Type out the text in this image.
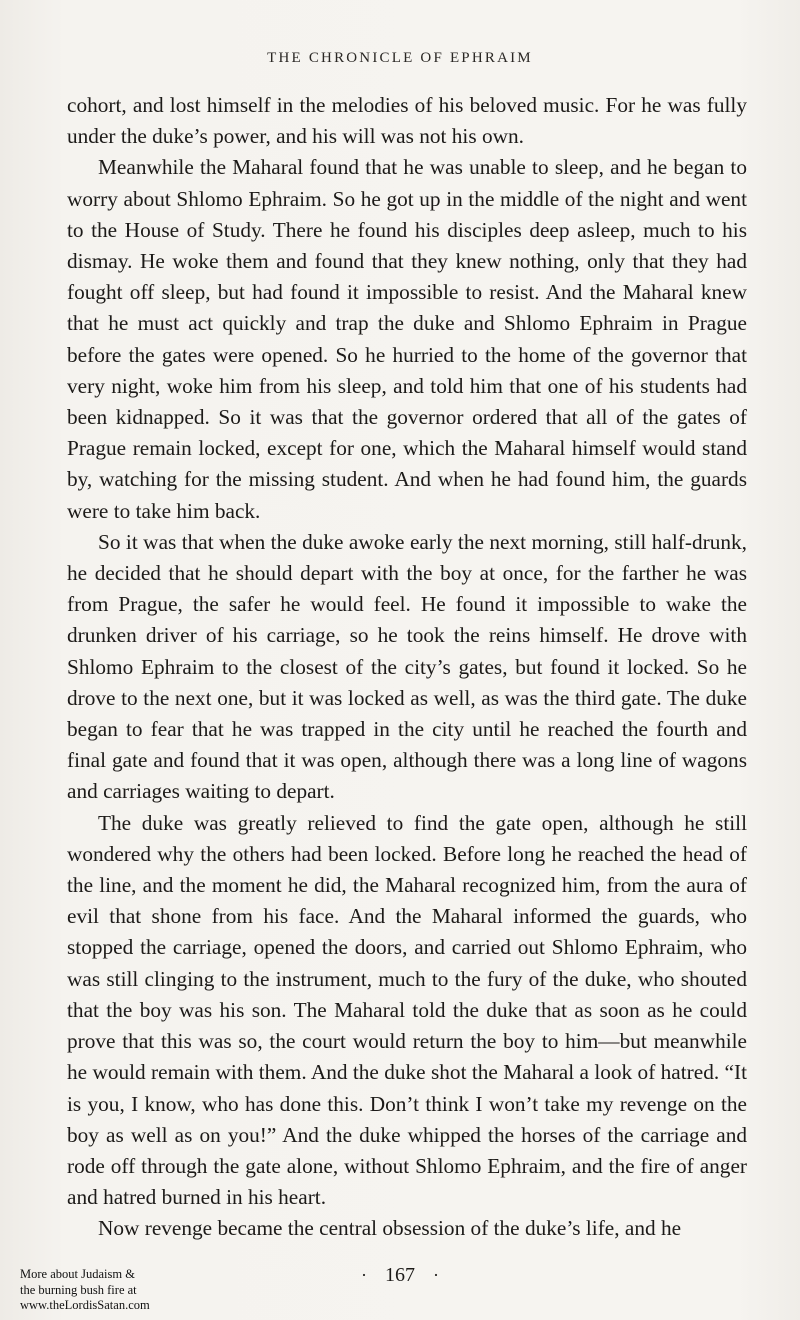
THE CHRONICLE OF EPHRAIM

cohort, and lost himself in the melodies of his beloved music. For he was fully under the duke’s power, and his will was not his own.

Meanwhile the Maharal found that he was unable to sleep, and he began to worry about Shlomo Ephraim. So he got up in the middle of the night and went to the House of Study. There he found his disciples deep asleep, much to his dismay. He woke them and found that they knew nothing, only that they had fought off sleep, but had found it impossible to resist. And the Maharal knew that he must act quickly and trap the duke and Shlomo Ephraim in Prague before the gates were opened. So he hurried to the home of the governor that very night, woke him from his sleep, and told him that one of his students had been kidnapped. So it was that the governor ordered that all of the gates of Prague remain locked, except for one, which the Maharal himself would stand by, watching for the missing student. And when he had found him, the guards were to take him back.

So it was that when the duke awoke early the next morning, still half-drunk, he decided that he should depart with the boy at once, for the farther he was from Prague, the safer he would feel. He found it impossible to wake the drunken driver of his carriage, so he took the reins himself. He drove with Shlomo Ephraim to the closest of the city’s gates, but found it locked. So he drove to the next one, but it was locked as well, as was the third gate. The duke began to fear that he was trapped in the city until he reached the fourth and final gate and found that it was open, although there was a long line of wagons and carriages waiting to depart.

The duke was greatly relieved to find the gate open, although he still wondered why the others had been locked. Before long he reached the head of the line, and the moment he did, the Maharal recognized him, from the aura of evil that shone from his face. And the Maharal informed the guards, who stopped the carriage, opened the doors, and carried out Shlomo Ephraim, who was still clinging to the instrument, much to the fury of the duke, who shouted that the boy was his son. The Maharal told the duke that as soon as he could prove that this was so, the court would return the boy to him—but meanwhile he would remain with them. And the duke shot the Maharal a look of hatred. “It is you, I know, who has done this. Don’t think I won’t take my revenge on the boy as well as on you!” And the duke whipped the horses of the carriage and rode off through the gate alone, without Shlomo Ephraim, and the fire of anger and hatred burned in his heart.

Now revenge became the central obsession of the duke’s life, and he

· 167 ·
More about Judaism &
the burning bush fire at
www.theLordisSatan.com
